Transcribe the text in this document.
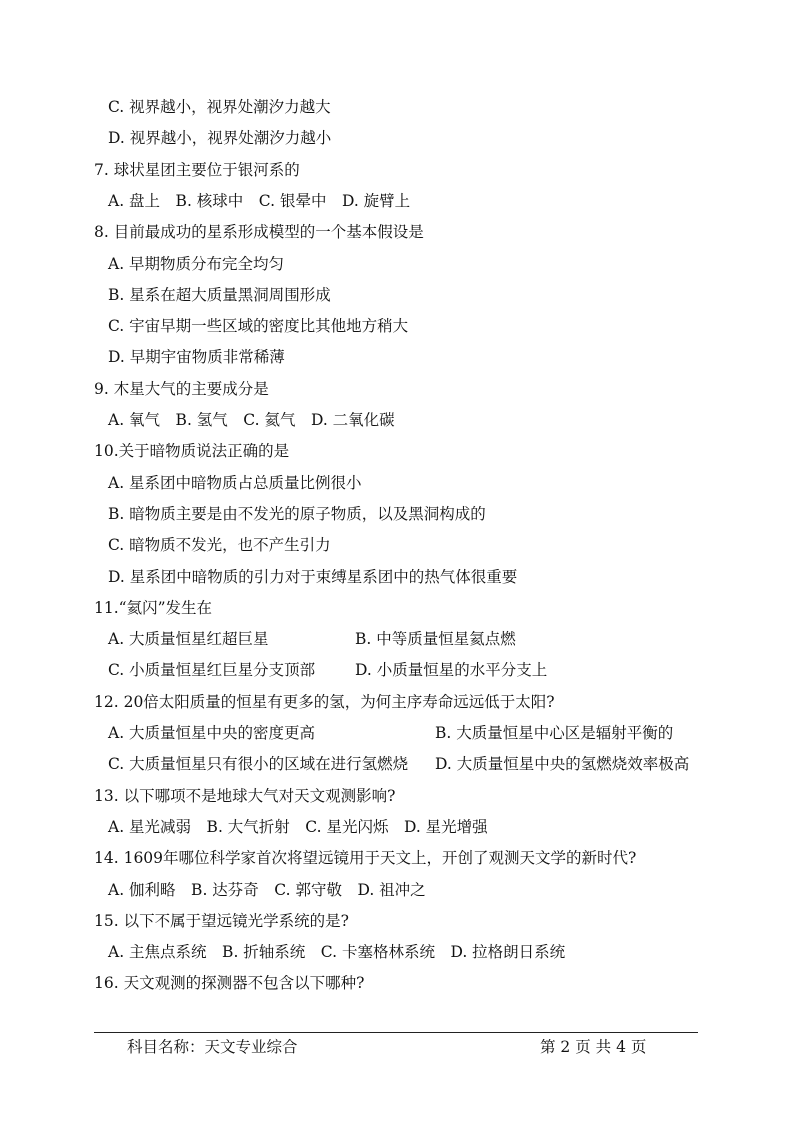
C. 视界越小，视界处潮汐力越大
D. 视界越小，视界处潮汐力越小
7. 球状星团主要位于银河系的
A. 盘上　B. 核球中　C. 银晕中　D. 旋臂上
8. 目前最成功的星系形成模型的一个基本假设是
A. 早期物质分布完全均匀
B. 星系在超大质量黑洞周围形成
C. 宇宙早期一些区域的密度比其他地方稍大
D. 早期宇宙物质非常稀薄
9. 木星大气的主要成分是
A. 氧气　B. 氢气　C. 氦气　D. 二氧化碳
10.关于暗物质说法正确的是
A. 星系团中暗物质占总质量比例很小
B. 暗物质主要是由不发光的原子物质，以及黑洞构成的
C. 暗物质不发光，也不产生引力
D. 星系团中暗物质的引力对于束缚星系团中的热气体很重要
11.“氦闪”发生在
A. 大质量恒星红超巨星	B. 中等质量恒星氦点燃
C. 小质量恒星红巨星分支顶部	D. 小质量恒星的水平分支上
12. 20倍太阳质量的恒星有更多的氢，为何主序寿命远远低于太阳?
A. 大质量恒星中央的密度更高	B. 大质量恒星中心区是辐射平衡的
C. 大质量恒星只有很小的区域在进行氢燃烧 D. 大质量恒星中央的氢燃烧效率极高
13. 以下哪项不是地球大气对天文观测影响?
A. 星光减弱　B. 大气折射　C. 星光闪烁　D. 星光增强
14. 1609年哪位科学家首次将望远镜用于天文上，开创了观测天文学的新时代?
A. 伽利略　B. 达芬奇　C. 郭守敬　D. 祖冲之
15. 以下不属于望远镜光学系统的是?
A. 主焦点系统　B. 折轴系统　C. 卡塞格林系统　D. 拉格朗日系统
16. 天文观测的探测器不包含以下哪种?
科目名称：天文专业综合	第 2 页 共 4 页
